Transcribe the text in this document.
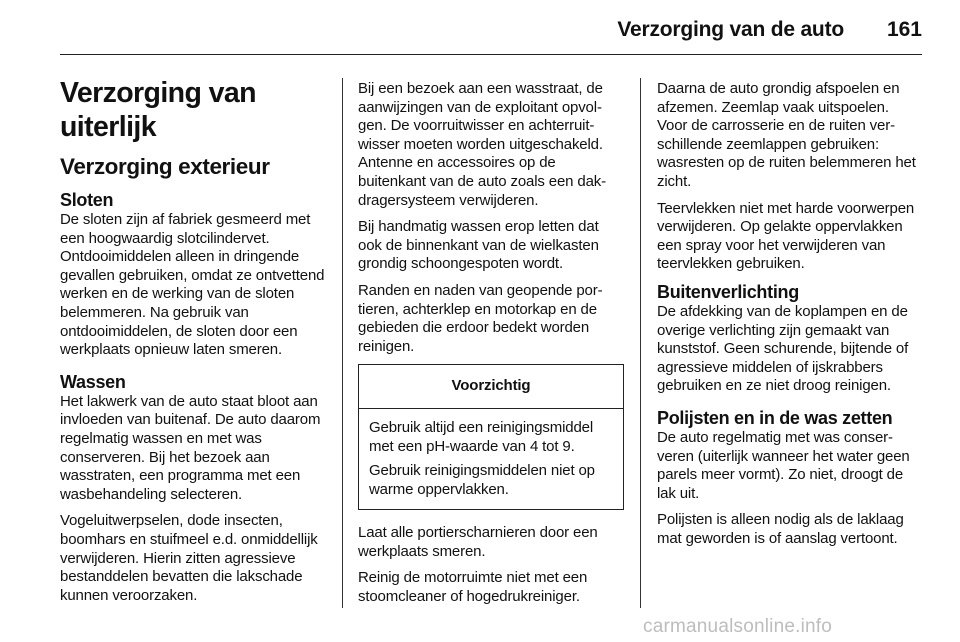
Verzorging van de auto 161
Verzorging van uiterlijk
Verzorging exterieur
Sloten

De sloten zijn af fabriek gesmeerd met een hoogwaardig slotcilindervet. Ontdooimiddelen alleen in dringende gevallen gebruiken, omdat ze ontvettend werken en de werking van de sloten belemmeren. Na gebruik van ontdooimiddelen, de sloten door een werkplaats opnieuw laten smeren.

Wassen

Het lakwerk van de auto staat bloot aan invloeden van buitenaf. De auto daarom regelmatig wassen en met was conserveren. Bij het bezoek aan wasstraten, een programma met een wasbehandeling selecteren.

Vogeluitwerpselen, dode insecten, boomhars en stuifmeel e.d. onmiddellijk verwijderen. Hierin zitten agressieve bestanddelen bevatten die lakschade kunnen veroorzaken.

Bij een bezoek aan een wasstraat, de aanwijzingen van de exploitant opvolgen. De voorruitwisser en achterruitwisser moeten worden uitgeschakeld. Antenne en accessoires op de buitenkant van de auto zoals een dakdragersysteem verwijderen.

Bij handmatig wassen erop letten dat ook de binnenkant van de wielkasten grondig schoongespoten wordt.

Randen en naden van geopende portieren, achterklep en motorkap en de gebieden die erdoor bedekt worden reinigen.

Voorzichtig

Gebruik altijd een reinigingsmiddel met een pH-waarde van 4 tot 9.

Gebruik reinigingsmiddelen niet op warme oppervlakken.

Laat alle portierscharnieren door een werkplaats smeren.

Reinig de motorruimte niet met een stoomcleaner of hogedrukreiniger.

Daarna de auto grondig afspoelen en afzemen. Zeemlap vaak uitspoelen. Voor de carrosserie en de ruiten verschillende zeemlappen gebruiken: wasresten op de ruiten belemmeren het zicht.

Teervlekken niet met harde voorwerpen verwijderen. Op gelakte oppervlakken een spray voor het verwijderen van teervlekken gebruiken.

Buitenverlichting

De afdekking van de koplampen en de overige verlichting zijn gemaakt van kunststof. Geen schurende, bijtende of agressieve middelen of ijskrabbers gebruiken en ze niet droog reinigen.

Polijsten en in de was zetten

De auto regelmatig met was conserveren (uiterlijk wanneer het water geen parels meer vormt). Zo niet, droogt de lak uit.

Polijsten is alleen nodig als de laklaag mat geworden is of aanslag vertoont.

carmanualsonline.info
